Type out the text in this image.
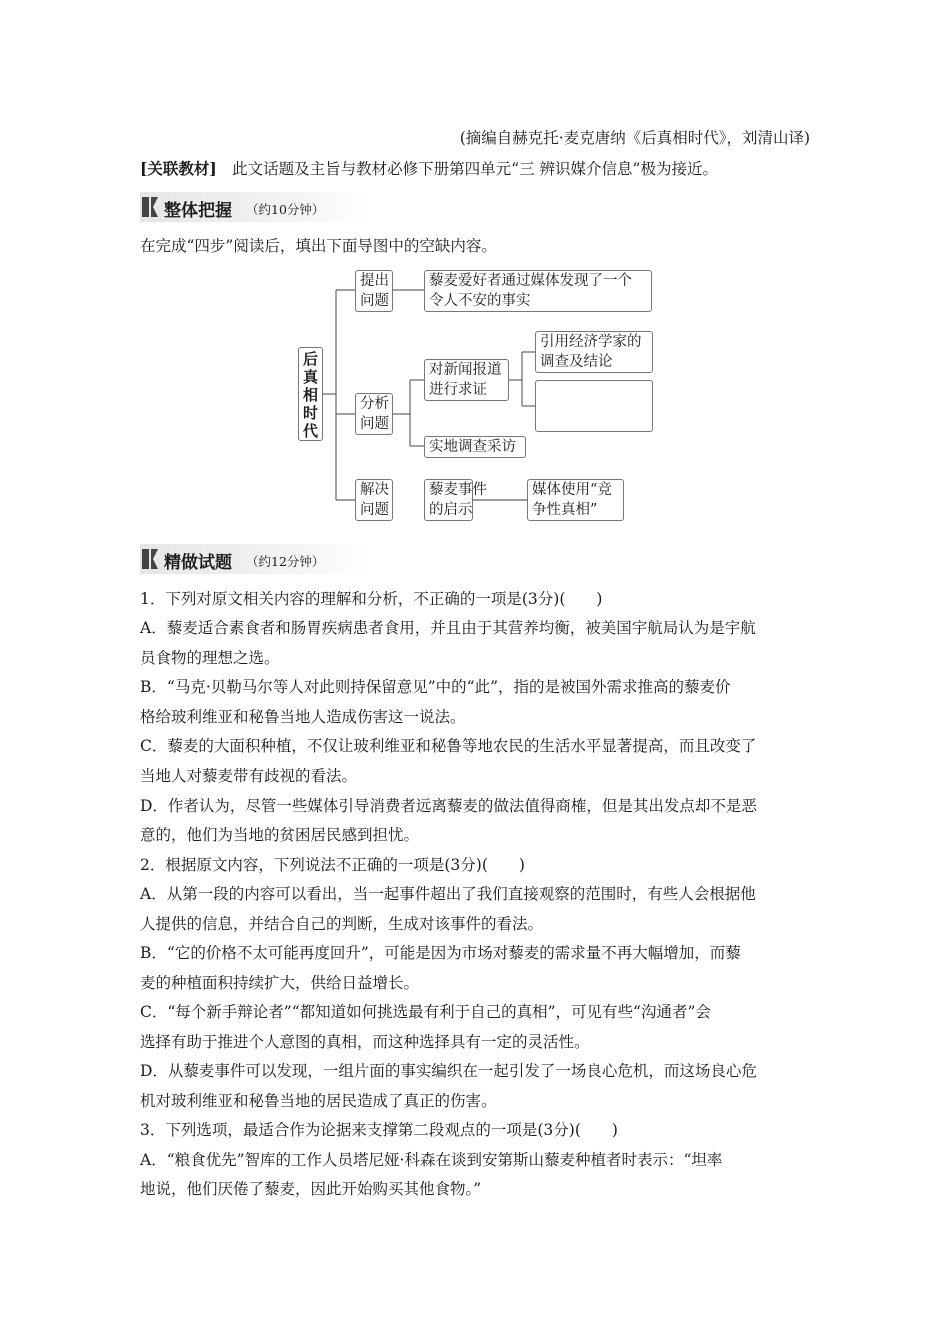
(摘编自赫克托·麦克唐纳《后真相时代》，刘清山译)
[关联教材]　此文话题及主旨与教材必修下册第四单元“三 辨识媒介信息”极为接近。
整体把握 （约10分钟）
在完成“四步”阅读后，填出下面导图中的空缺内容。
后真相时代
提出
问题
藜麦爱好者通过媒体发现了一个
令人不安的事实
分析
问题
对新闻报道
进行求证
引用经济学家的
调查及结论
实地调查采访
解决
问题
藜麦事件
的启示
媒体使用“竞
争性真相”
精做试题 （约12分钟）
1．下列对原文相关内容的理解和分析，不正确的一项是(3分)(　　)
A．藜麦适合素食者和肠胃疾病患者食用，并且由于其营养均衡，被美国宇航局认为是宇航
员食物的理想之选。
B．“马克·贝勒马尔等人对此则持保留意见”中的“此”，指的是被国外需求推高的藜麦价
格给玻利维亚和秘鲁当地人造成伤害这一说法。
C．藜麦的大面积种植，不仅让玻利维亚和秘鲁等地农民的生活水平显著提高，而且改变了
当地人对藜麦带有歧视的看法。
D．作者认为，尽管一些媒体引导消费者远离藜麦的做法值得商榷，但是其出发点却不是恶
意的，他们为当地的贫困居民感到担忧。
2．根据原文内容，下列说法不正确的一项是(3分)(　　)
A．从第一段的内容可以看出，当一起事件超出了我们直接观察的范围时，有些人会根据他
人提供的信息，并结合自己的判断，生成对该事件的看法。
B．“它的价格不太可能再度回升”，可能是因为市场对藜麦的需求量不再大幅增加，而藜
麦的种植面积持续扩大，供给日益增长。
C．“每个新手辩论者”“都知道如何挑选最有利于自己的真相”，可见有些“沟通者”会
选择有助于推进个人意图的真相，而这种选择具有一定的灵活性。
D．从藜麦事件可以发现，一组片面的事实编织在一起引发了一场良心危机，而这场良心危
机对玻利维亚和秘鲁当地的居民造成了真正的伤害。
3．下列选项，最适合作为论据来支撑第二段观点的一项是(3分)(　　)
A．“粮食优先”智库的工作人员塔尼娅·科森在谈到安第斯山藜麦种植者时表示：“坦率
地说，他们厌倦了藜麦，因此开始购买其他食物。”
